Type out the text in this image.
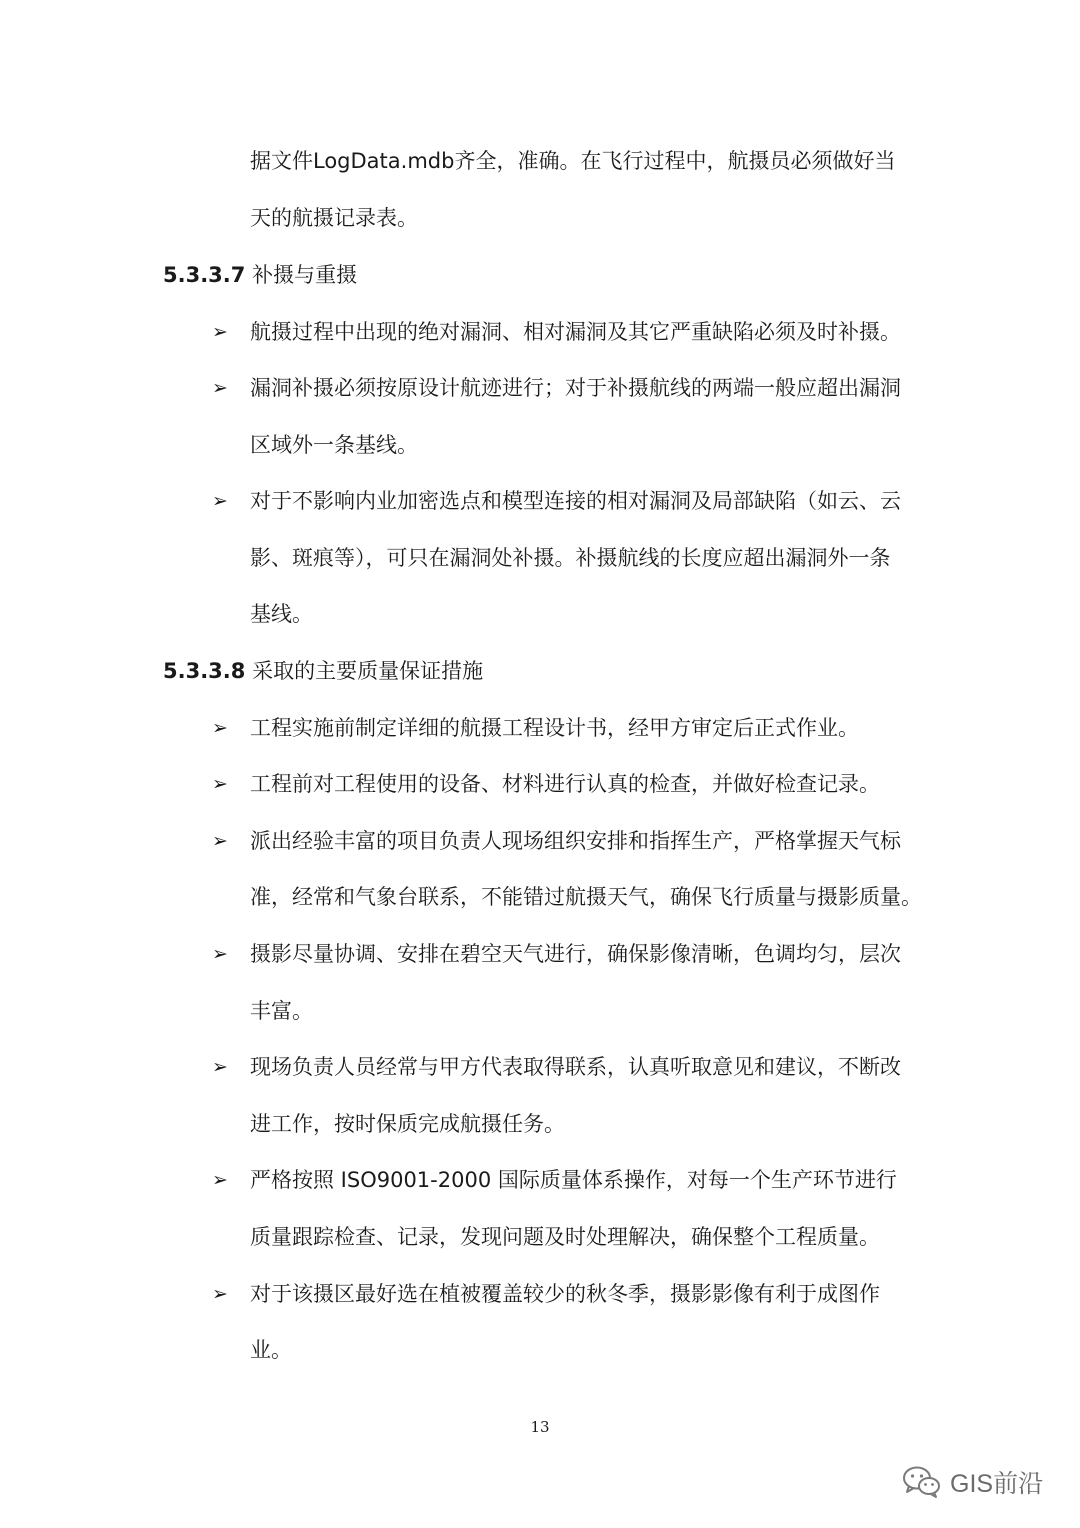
据文件LogData.mdb齐全，准确。在飞行过程中，航摄员必须做好当
天的航摄记录表。
5.3.3.7 补摄与重摄
➢ 航摄过程中出现的绝对漏洞、相对漏洞及其它严重缺陷必须及时补摄。
➢ 漏洞补摄必须按原设计航迹进行；对于补摄航线的两端一般应超出漏洞
区域外一条基线。
➢ 对于不影响内业加密选点和模型连接的相对漏洞及局部缺陷（如云、云
影、斑痕等），可只在漏洞处补摄。补摄航线的长度应超出漏洞外一条
基线。
5.3.3.8 采取的主要质量保证措施
➢ 工程实施前制定详细的航摄工程设计书，经甲方审定后正式作业。
➢ 工程前对工程使用的设备、材料进行认真的检查，并做好检查记录。
➢ 派出经验丰富的项目负责人现场组织安排和指挥生产，严格掌握天气标
准，经常和气象台联系，不能错过航摄天气，确保飞行质量与摄影质量。
➢ 摄影尽量协调、安排在碧空天气进行，确保影像清晰，色调均匀，层次
丰富。
➢ 现场负责人员经常与甲方代表取得联系，认真听取意见和建议，不断改
进工作，按时保质完成航摄任务。
➢ 严格按照 ISO9001-2000 国际质量体系操作，对每一个生产环节进行
质量跟踪检查、记录，发现问题及时处理解决，确保整个工程质量。
➢ 对于该摄区最好选在植被覆盖较少的秋冬季，摄影影像有利于成图作
业。
13
GIS前沿
